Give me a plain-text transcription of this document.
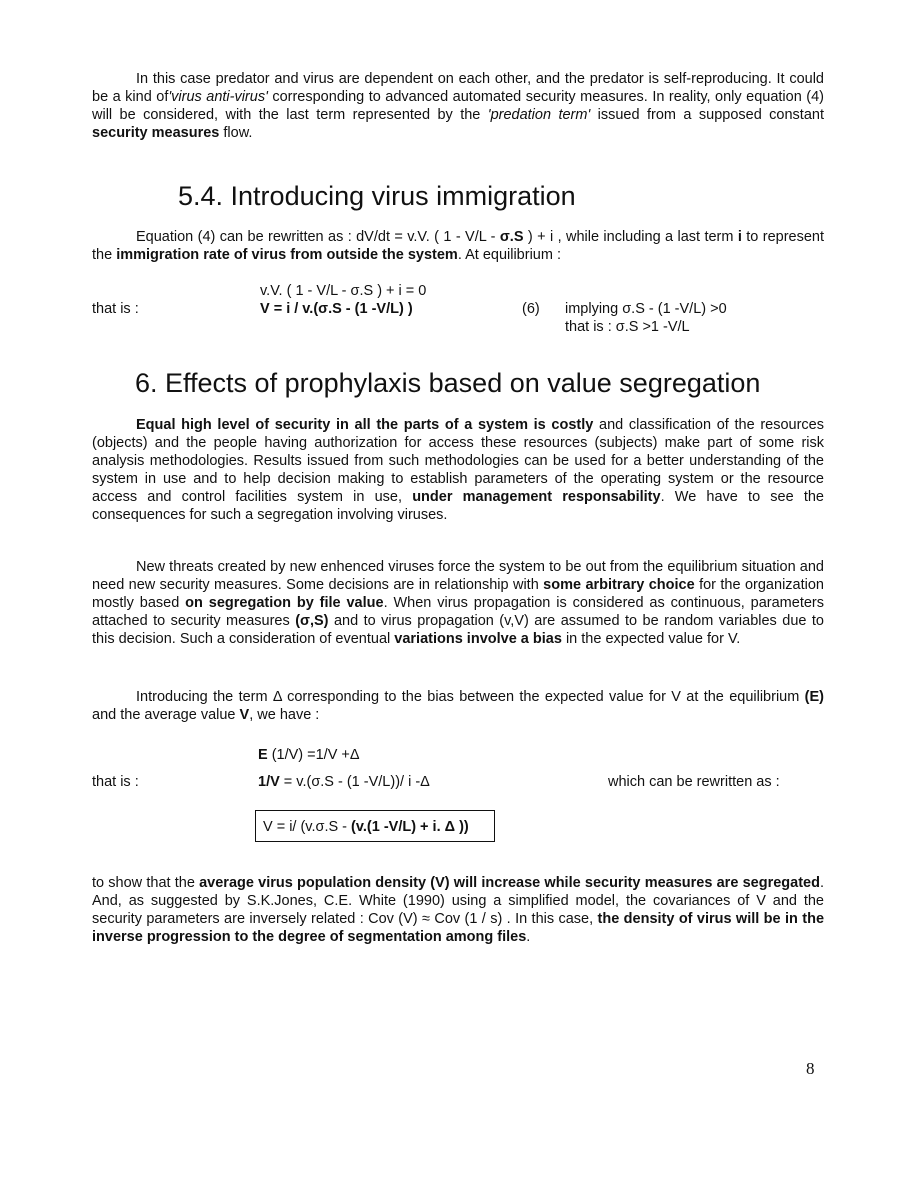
In this case predator and virus are dependent on each other, and the predator is self-reproducing. It could be a kind of'virus anti-virus' corresponding to advanced automated security measures. In reality, only equation (4) will be considered, with the last term represented by the 'predation term' issued from a supposed constant security measures flow.

5.4. Introducing virus immigration

Equation (4) can be rewritten as : dV/dt = v.V. ( 1 - V/L - σ.S ) + i , while including a last term i to represent the immigration rate of virus from outside the system. At equilibrium :

v.V. ( 1 - V/L - σ.S ) + i = 0

that is :	V = i / v.(σ.S - (1 -V/L) )	(6) implying σ.S - (1 -V/L) >0

that is : σ.S >1 -V/L

6. Effects of prophylaxis based on value segregation

Equal high level of security in all the parts of a system is costly and classification of the resources (objects) and the people having authorization for access these resources (subjects) make part of some risk analysis methodologies. Results issued from such methodologies can be used for a better understanding of the system in use and to help decision making to establish parameters of the operating system or the resource access and control facilities system in use, under management responsability. We have to see the consequences for such a segregation involving viruses.

New threats created by new enhenced viruses force the system to be out from the equilibrium situation and need new security measures. Some decisions are in relationship with some arbitrary choice for the organization mostly based on segregation by file value. When virus propagation is considered as continuous, parameters attached to security measures (σ,S) and to virus propagation (v,V) are assumed to be random variables due to this decision. Such a consideration of eventual variations involve a bias in the expected value for V.

Introducing the term Δ corresponding to the bias between the expected value for V at the equilibrium (E) and the average value V, we have :

E (1/V) =1/V +Δ

that is :	1/V = v.(σ.S - (1 -V/L))/ i -Δ	which can be rewritten as :

V = i/ (v.σ.S - (v.(1 -V/L) + i. Δ ))

to show that the average virus population density (V) will increase while security measures are segregated. And, as suggested by S.K.Jones, C.E. White (1990) using a simplified model, the covariances of V and the security parameters are inversely related : Cov (V) ≈ Cov (1 / s) . In this case, the density of virus will be in the inverse progression to the degree of segmentation among files.

8
